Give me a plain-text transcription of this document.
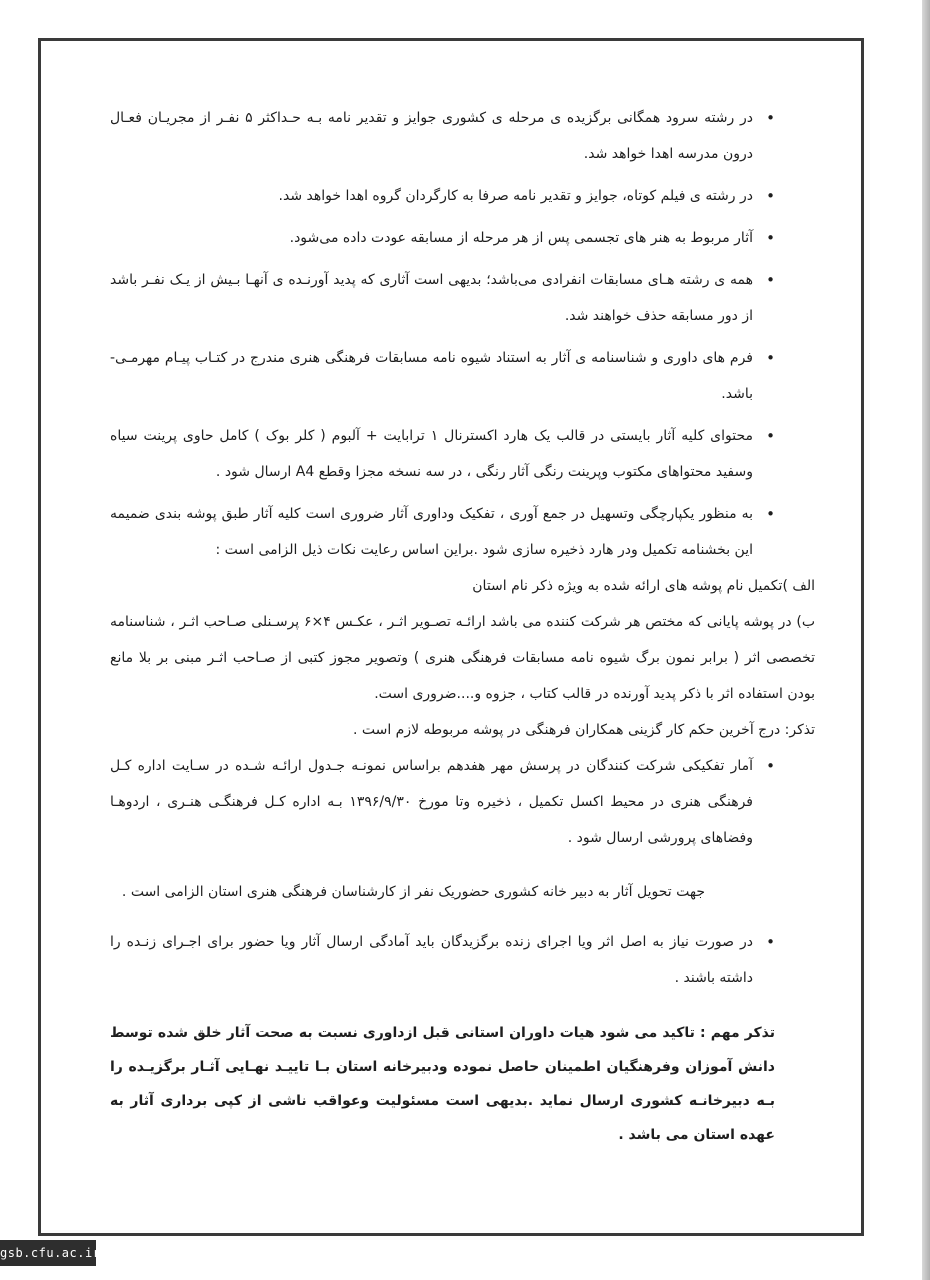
• در رشته سرود همگانی برگزیده ی مرحله ی کشوری جوایز و تقدیر نامه بـه حـداکثر ۵ نفـر از مجریـان فعـال درون مدرسه اهدا خواهد شد.
• در رشته ی فیلم کوتاه، جوایز و تقدیر نامه صرفا به کارگردان گروه اهدا خواهد شد.
• آثار مربوط به هنر های تجسمی پس از هر مرحله از مسابقه عودت داده می‌شود.
• همه ی رشته هـای مسابقات انفرادی می‌باشد؛ بدیهی است آثاری که پدید آورنـده ی آنهـا بـیش از یـک نفـر باشد از دور مسابقه حذف خواهند شد.
• فرم های داوری و شناسنامه ی آثار به استناد شیوه نامه مسابقات فرهنگی هنری مندرج در کتـاب پیـام مهرمـی- باشد.
• محتوای کلیه آثار بایستی در قالب یک هارد اکسترنال ۱ ترابایت + آلبوم ( کلر بوک ) کامل حاوی پرینت سیاه وسفید محتواهای مکتوب وپرینت رنگی آثار رنگی ، در سه نسخه مجزا وقطع A4 ارسال شود .
• به منظور یکپارچگی وتسهیل در جمع آوری ، تفکیک وداوری آثار ضروری است کلیه آثار طبق پوشه بندی ضمیمه این بخشنامه تکمیل ودر هارد ذخیره سازی شود .براین اساس رعایت نکات ذیل الزامی است :
الف )تکمیل نام پوشه های ارائه شده به ویژه ذکر نام استان
ب) در پوشه پایانی که مختص هر شرکت کننده می باشد ارائـه تصـویر اثـر ، عکـس ۴×۶ پرسـنلی صـاحب اثـر ، شناسنامه تخصصی اثر ( برابر نمون برگ شیوه نامه مسابقات فرهنگی هنری ) وتصویر مجوز کتبی از صـاحب اثـر مبنی بر بلا مانع بودن استفاده اثر با ذکر پدید آورنده در قالب کتاب ، جزوه و....ضروری است.
تذکر: درج آخرین حکم کار گزینی همکاران فرهنگی در پوشه مربوطه لازم است .
• آمار تفکیکی شرکت کنندگان در پرسش مهر هفدهم براساس نمونـه جـدول ارائـه شـده در سـایت اداره کـل فرهنگی هنری در محیط اکسل تکمیل ، ذخیره وتا مورخ ۱۳۹۶/۹/۳۰ بـه اداره کـل فرهنگـی هنـری ، اردوهـا وفضاهای پرورشی ارسال شود .
جهت تحویل آثار به دبیر خانه کشوری حضوریک نفر از کارشناسان فرهنگی هنری استان الزامی است .
• در صورت نیاز به اصل اثر ویا اجرای زنده برگزیدگان باید آمادگی ارسال آثار ویا حضور برای اجـرای زنـده را داشته باشند .
تذکر مهم : تاکید می شود هیات داوران استانی قبل ازداوری نسبت به صحت آثار خلق شده توسط دانش آموزان وفرهنگیان اطمینان حاصل نموده ودبیرخانه استان بـا تاییـد نهـایی آثـار برگزیـده را بـه دبیرخانـه کشوری ارسال نماید .بدیهی است مسئولیت وعواقب ناشی از کپی برداری آثار به عهده استان می باشد .
gsb.cfu.ac.ir
